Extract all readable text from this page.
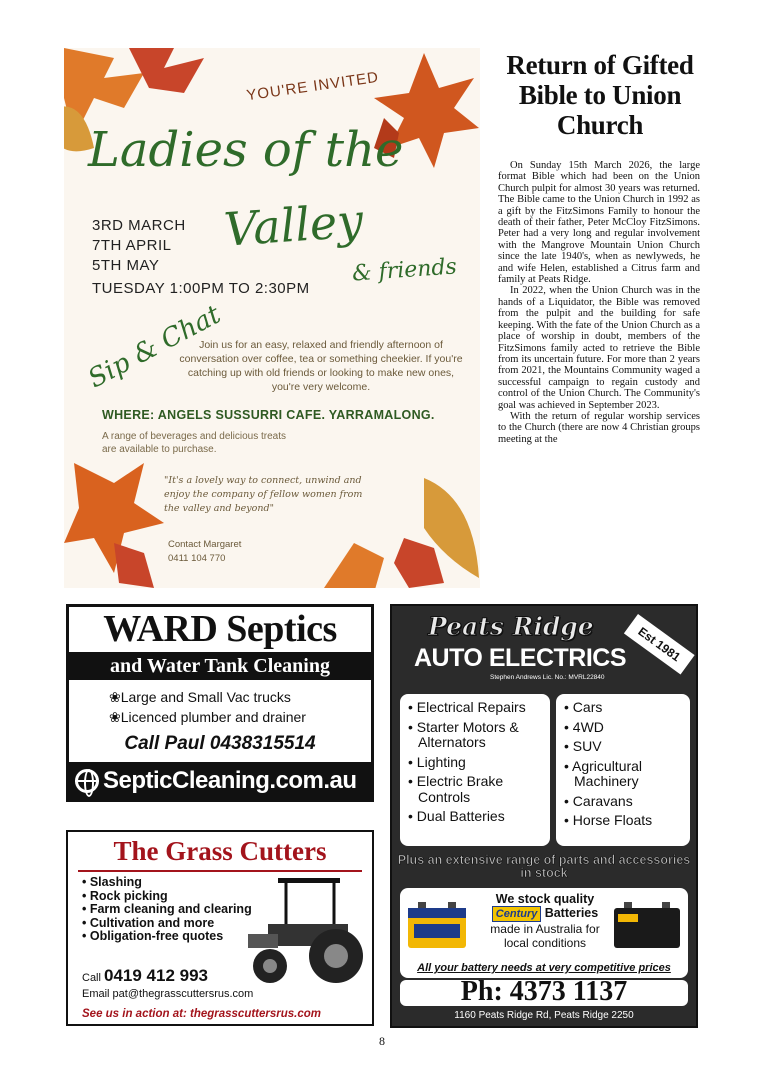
YOU'RE INVITED
Ladies of the
3RD MARCH
7TH APRIL
5TH MAY
Valley
& friends
TUESDAY 1:00PM TO 2:30PM
Sip & Chat
Join us for an easy, relaxed and friendly afternoon of conversation over coffee, tea or something cheekier. If you're catching up with old friends or looking to make new ones, you're very welcome.
WHERE: ANGELS SUSSURRI CAFE. YARRAMALONG.
A range of beverages and delicious treats are available to purchase.
"It's a lovely way to connect, unwind and enjoy the company of fellow women from the valley and beyond"
Contact Margaret
0411 104 770
Return of Gifted Bible to Union Church

On Sunday 15th March 2026, the large format Bible which had been on the Union Church pulpit for almost 30 years was returned. The Bible came to the Union Church in 1992 as a gift by the FitzSimons Family to honour the death of their father, Peter McCloy FitzSimons. Peter had a very long and regular involvement with the Mangrove Mountain Union Church since the late 1940's, when as newlyweds, he and wife Helen, established a Citrus farm and family at Peats Ridge.

In 2022, when the Union Church was in the hands of a Liquidator, the Bible was removed from the pulpit and the building for safe keeping. With the fate of the Union Church as a place of worship in doubt, members of the FitzSimons family acted to retrieve the Bible from its uncertain future. For more than 2 years from 2021, the Mountains Community waged a successful campaign to regain custody and control of the Union Church. The Community's goal was achieved in September 2023.

With the return of regular worship services to the Church (there are now 4 Christian groups meeting at the

WARD Septics
and Water Tank Cleaning
❀Large and Small Vac trucks
❀Licenced plumber and drainer
Call Paul 0438315514
SepticCleaning.com.au
The Grass Cutters
• Slashing
• Rock picking
• Farm cleaning and clearing
• Cultivation and more
• Obligation-free quotes
Call 0419 412 993
Email pat@thegrasscuttersrus.com
See us in action at: thegrasscuttersrus.com
Peats Ridge	Est 1981
AUTO ELECTRICS
Stephen Andrews Lic. No.: MVRL22840
• Electrical Repairs
• Starter Motors & Alternators
• Lighting
• Electric Brake Controls
• Dual Batteries
• Cars
• 4WD
• SUV
• Agricultural Machinery
• Caravans
• Horse Floats
Plus an extensive range of parts and accessories in stock
We stock quality
Century Batteries
made in Australia for
local conditions
All your battery needs at very competitive prices
Ph: 4373 1137
1160 Peats Ridge Rd, Peats Ridge 2250
8
